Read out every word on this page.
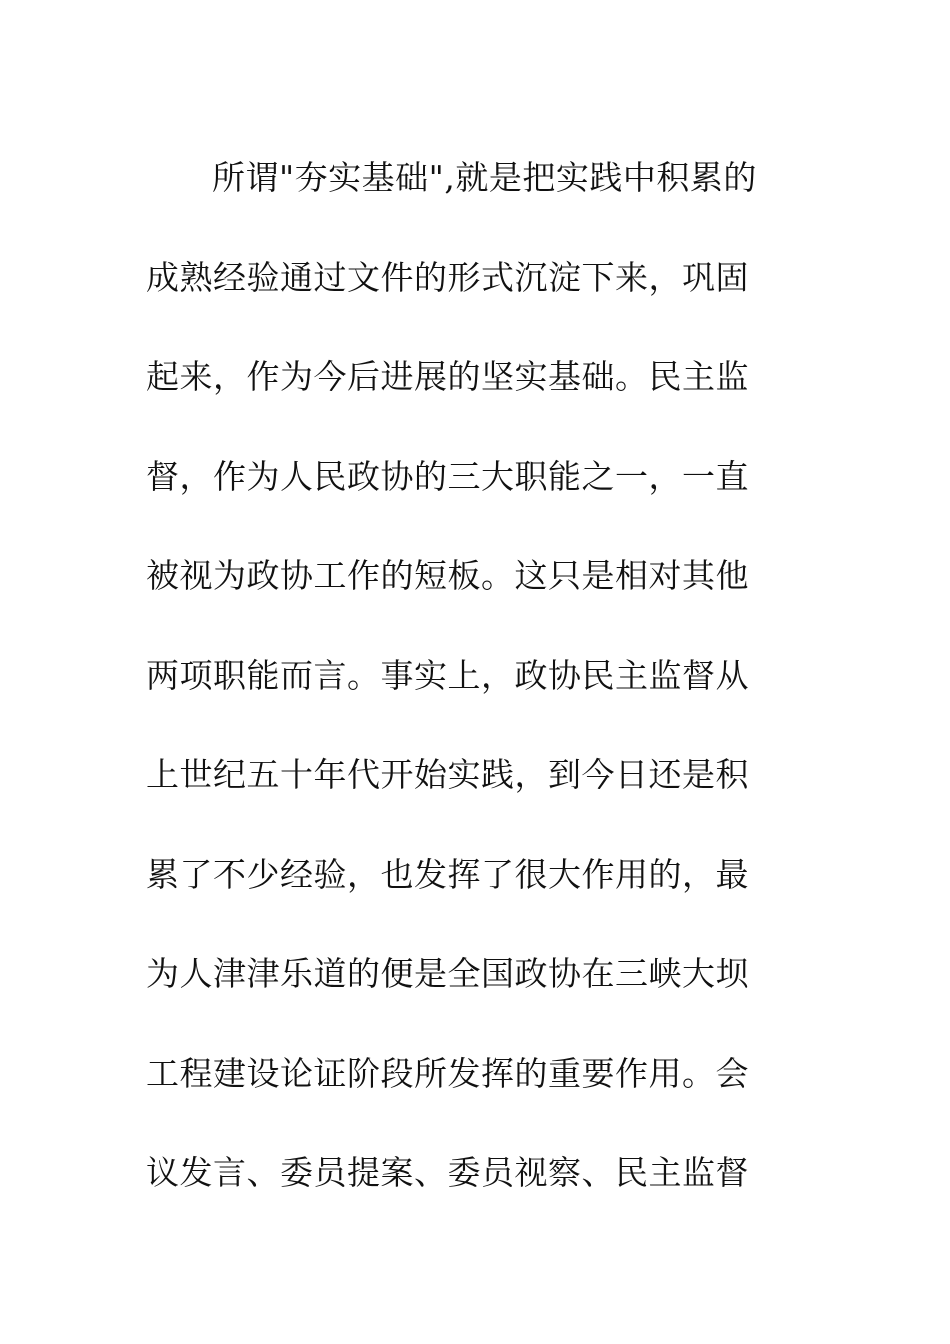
所谓"夯实基础",就是把实践中积累的
成熟经验通过文件的形式沉淀下来，巩固
起来，作为今后进展的坚实基础。民主监
督，作为人民政协的三大职能之一，一直
被视为政协工作的短板。这只是相对其他
两项职能而言。事实上，政协民主监督从
上世纪五十年代开始实践，到今日还是积
累了不少经验，也发挥了很大作用的，最
为人津津乐道的便是全国政协在三峡大坝
工程建设论证阶段所发挥的重要作用。会
议发言、委员提案、委员视察、民主监督
